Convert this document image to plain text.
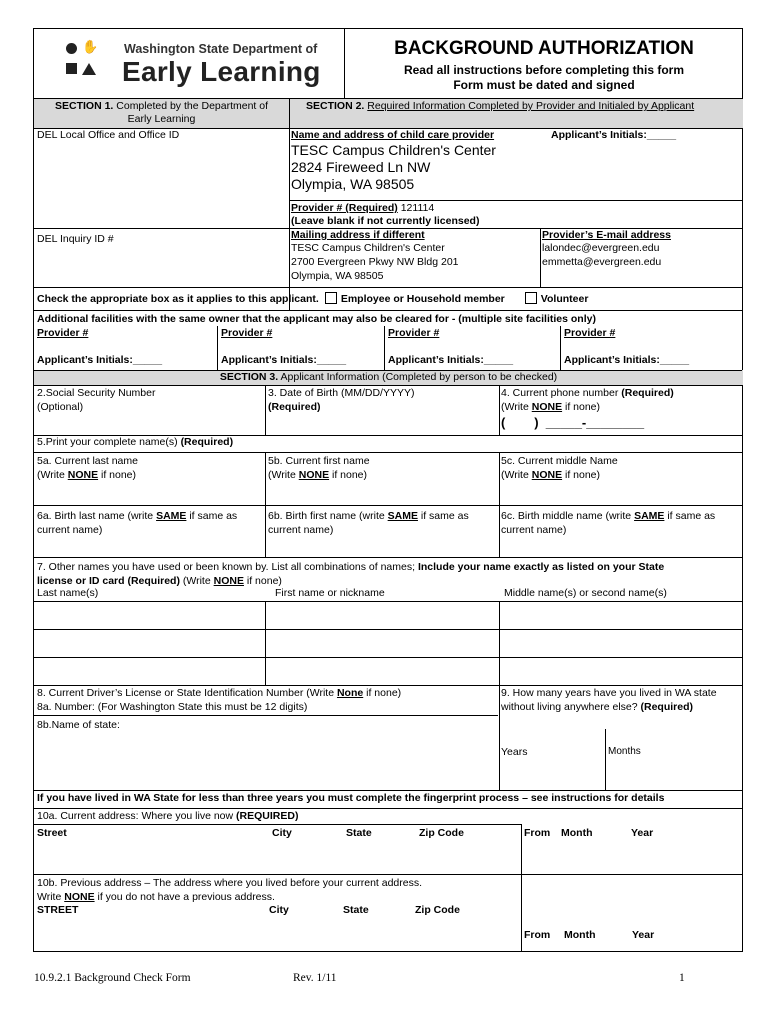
✋ Washington State Department of
Early Learning
BACKGROUND AUTHORIZATION
Read all instructions before completing this form
Form must be dated and signed
SECTION 1. Completed by the Department of
Early Learning
SECTION 2. Required Information Completed by Provider and Initialed by Applicant
DEL Local Office and Office ID	Name and address of child care provider	Applicant’s Initials:_____
TESC Campus Children's Center
2824 Fireweed Ln NW
Olympia, WA 98505
Provider # (Required) 121114
(Leave blank if not currently licensed)
DEL Inquiry ID #	Mailing address if different
TESC Campus Children's Center
2700 Evergreen Pkwy NW Bldg 201
Olympia, WA 98505
Provider’s E-mail address
lalondec@evergreen.edu
emmetta@evergreen.edu
Check the appropriate box as it applies to this applicant. Employee or Household member	Volunteer
Additional facilities with the same owner that the applicant may also be cleared for - (multiple site facilities only)
Provider #	Provider #	Provider #	Provider #
Applicant’s Initials:_____	Applicant’s Initials:_____	Applicant’s Initials:_____	Applicant’s Initials:_____
SECTION 3. Applicant Information (Completed by person to be checked)
2.Social Security Number
(Optional)
3. Date of Birth (MM/DD/YYYY)
(Required)
4. Current phone number (Required)
(Write NONE if none)
(        )  _____-________
5.Print your complete name(s) (Required)
5a. Current last name
(Write NONE if none)
5b. Current first name
(Write NONE if none)
5c. Current middle Name
(Write NONE if none)
6a. Birth last name (write SAME if same as
current name)
6b. Birth first name (write SAME if same as
current name)
6c. Birth middle name (write SAME if same as
current name)
7. Other names you have used or been known by. List all combinations of names; Include your name exactly as listed on your State
license or ID card (Required) (Write NONE if none)
Last name(s)	First name or nickname	Middle name(s) or second name(s)
8. Current Driver’s License or State Identification Number (Write None if none)
8a. Number: (For Washington State this must be 12 digits)
9. How many years have you lived in WA state
without living anywhere else? (Required)
8b.Name of state:
Years	Months
If you have lived in WA State for less than three years you must complete the fingerprint process – see instructions for details
10a. Current address: Where you live now (REQUIRED)
Street	City	State	Zip Code	From Month	Year
10b. Previous address – The address where you lived before your current address.
Write NONE if you do not have a previous address.
STREET	City	State	Zip Code
From Month	Year
10.9.2.1 Background Check Form	Rev. 1/11	1
